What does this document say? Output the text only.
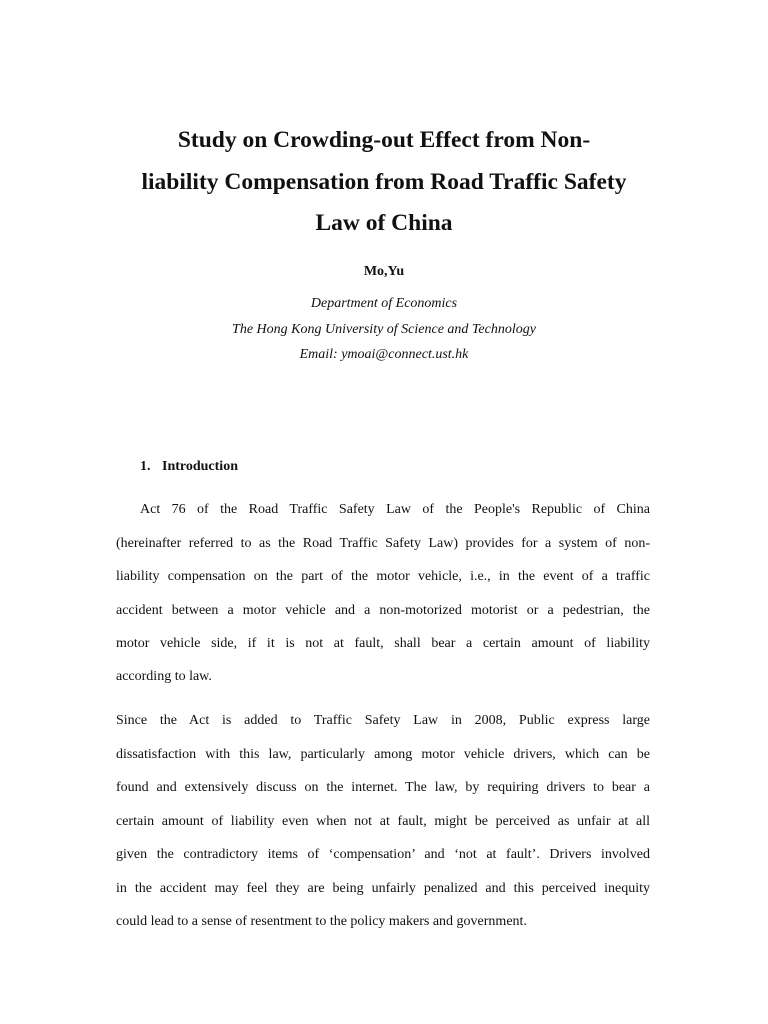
Study on Crowding-out Effect from Non-
liability Compensation from Road Traffic Safety
Law of China
Mo,Yu
Department of Economics
The Hong Kong University of Science and Technology
Email: ymoai@connect.ust.hk
1. Introduction
Act 76 of the Road Traffic Safety Law of the People's Republic of China
(hereinafter referred to as the Road Traffic Safety Law) provides for a system of non-
liability compensation on the part of the motor vehicle, i.e., in the event of a traffic
accident between a motor vehicle and a non-motorized motorist or a pedestrian, the
motor vehicle side, if it is not at fault, shall bear a certain amount of liability
according to law.
Since the Act is added to Traffic Safety Law in 2008, Public express large
dissatisfaction with this law, particularly among motor vehicle drivers, which can be
found and extensively discuss on the internet. The law, by requiring drivers to bear a
certain amount of liability even when not at fault, might be perceived as unfair at all
given the contradictory items of ‘compensation’ and ‘not at fault’. Drivers involved
in the accident may feel they are being unfairly penalized and this perceived inequity
could lead to a sense of resentment to the policy makers and government.
